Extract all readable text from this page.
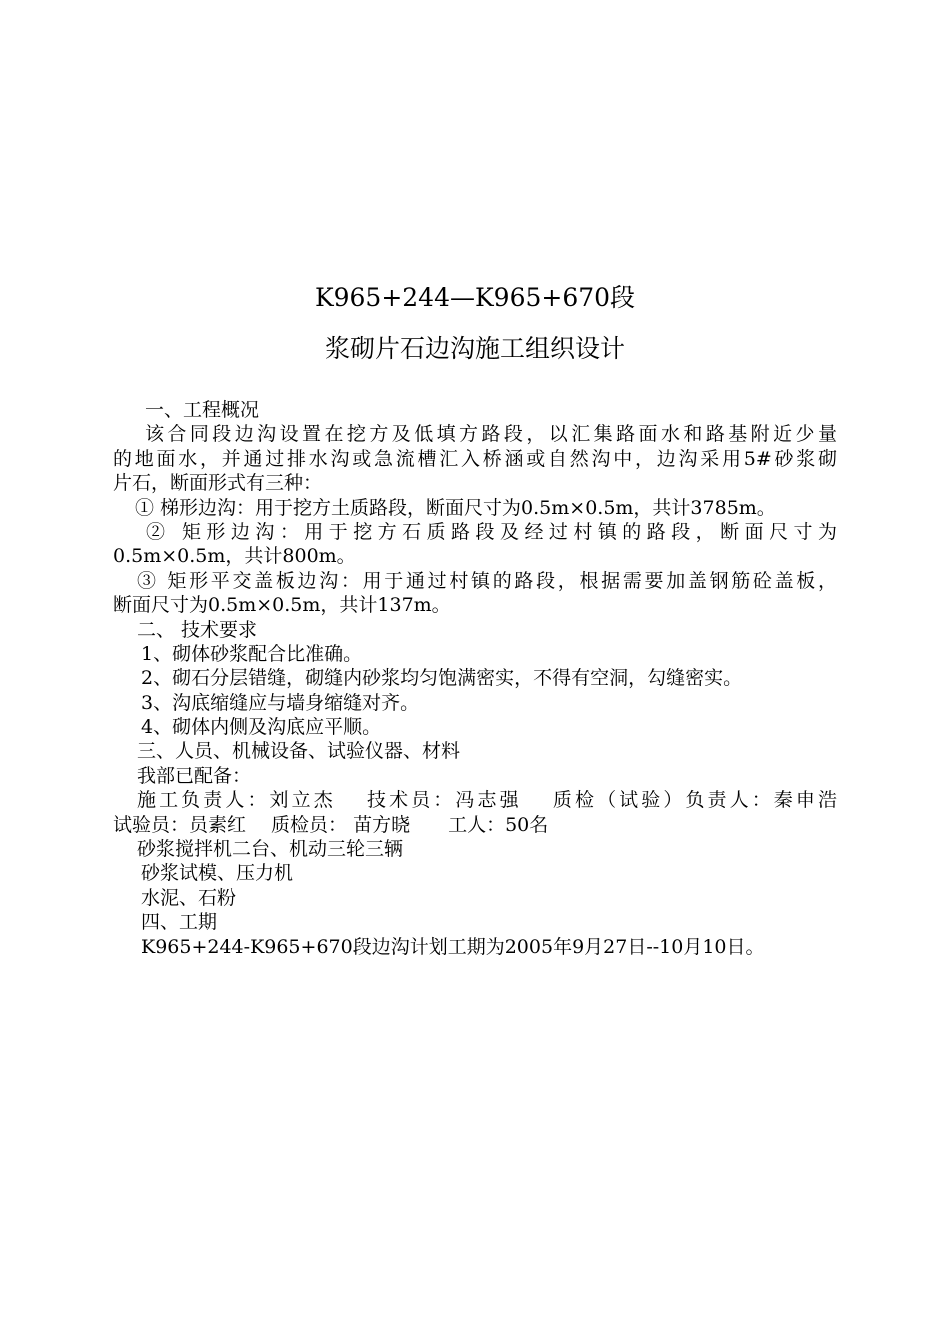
K965+244—K965+670段
浆砌片石边沟施工组织设计
一、工程概况
该合同段边沟设置在挖方及低填方路段，以汇集路面水和路基附近少量
的地面水，并通过排水沟或急流槽汇入桥涵或自然沟中，边沟采用5#砂浆砌
片石，断面形式有三种：
① 梯形边沟：用于挖方土质路段，断面尺寸为0.5m×0.5m，共计3785m。
② 矩形边沟：用于挖方石质路段及经过村镇的路段，断面尺寸为
0.5m×0.5m，共计800m。
③ 矩形平交盖板边沟：用于通过村镇的路段，根据需要加盖钢筋砼盖板，
断面尺寸为0.5m×0.5m，共计137m。
二、 技术要求
1、砌体砂浆配合比准确。
2、砌石分层错缝，砌缝内砂浆均匀饱满密实，不得有空洞，勾缝密实。
3、沟底缩缝应与墙身缩缝对齐。
4、砌体内侧及沟底应平顺。
三、人员、机械设备、试验仪器、材料
我部已配备：
施工负责人：刘立杰　 技术员：冯志强　 质检（试验）负责人：秦申浩
试验员：员素红　 质检员： 苗方晓　　工人：50名
砂浆搅拌机二台、机动三轮三辆
砂浆试模、压力机
水泥、石粉
四、工期
K965+244-K965+670段边沟计划工期为2005年9月27日--10月10日。
